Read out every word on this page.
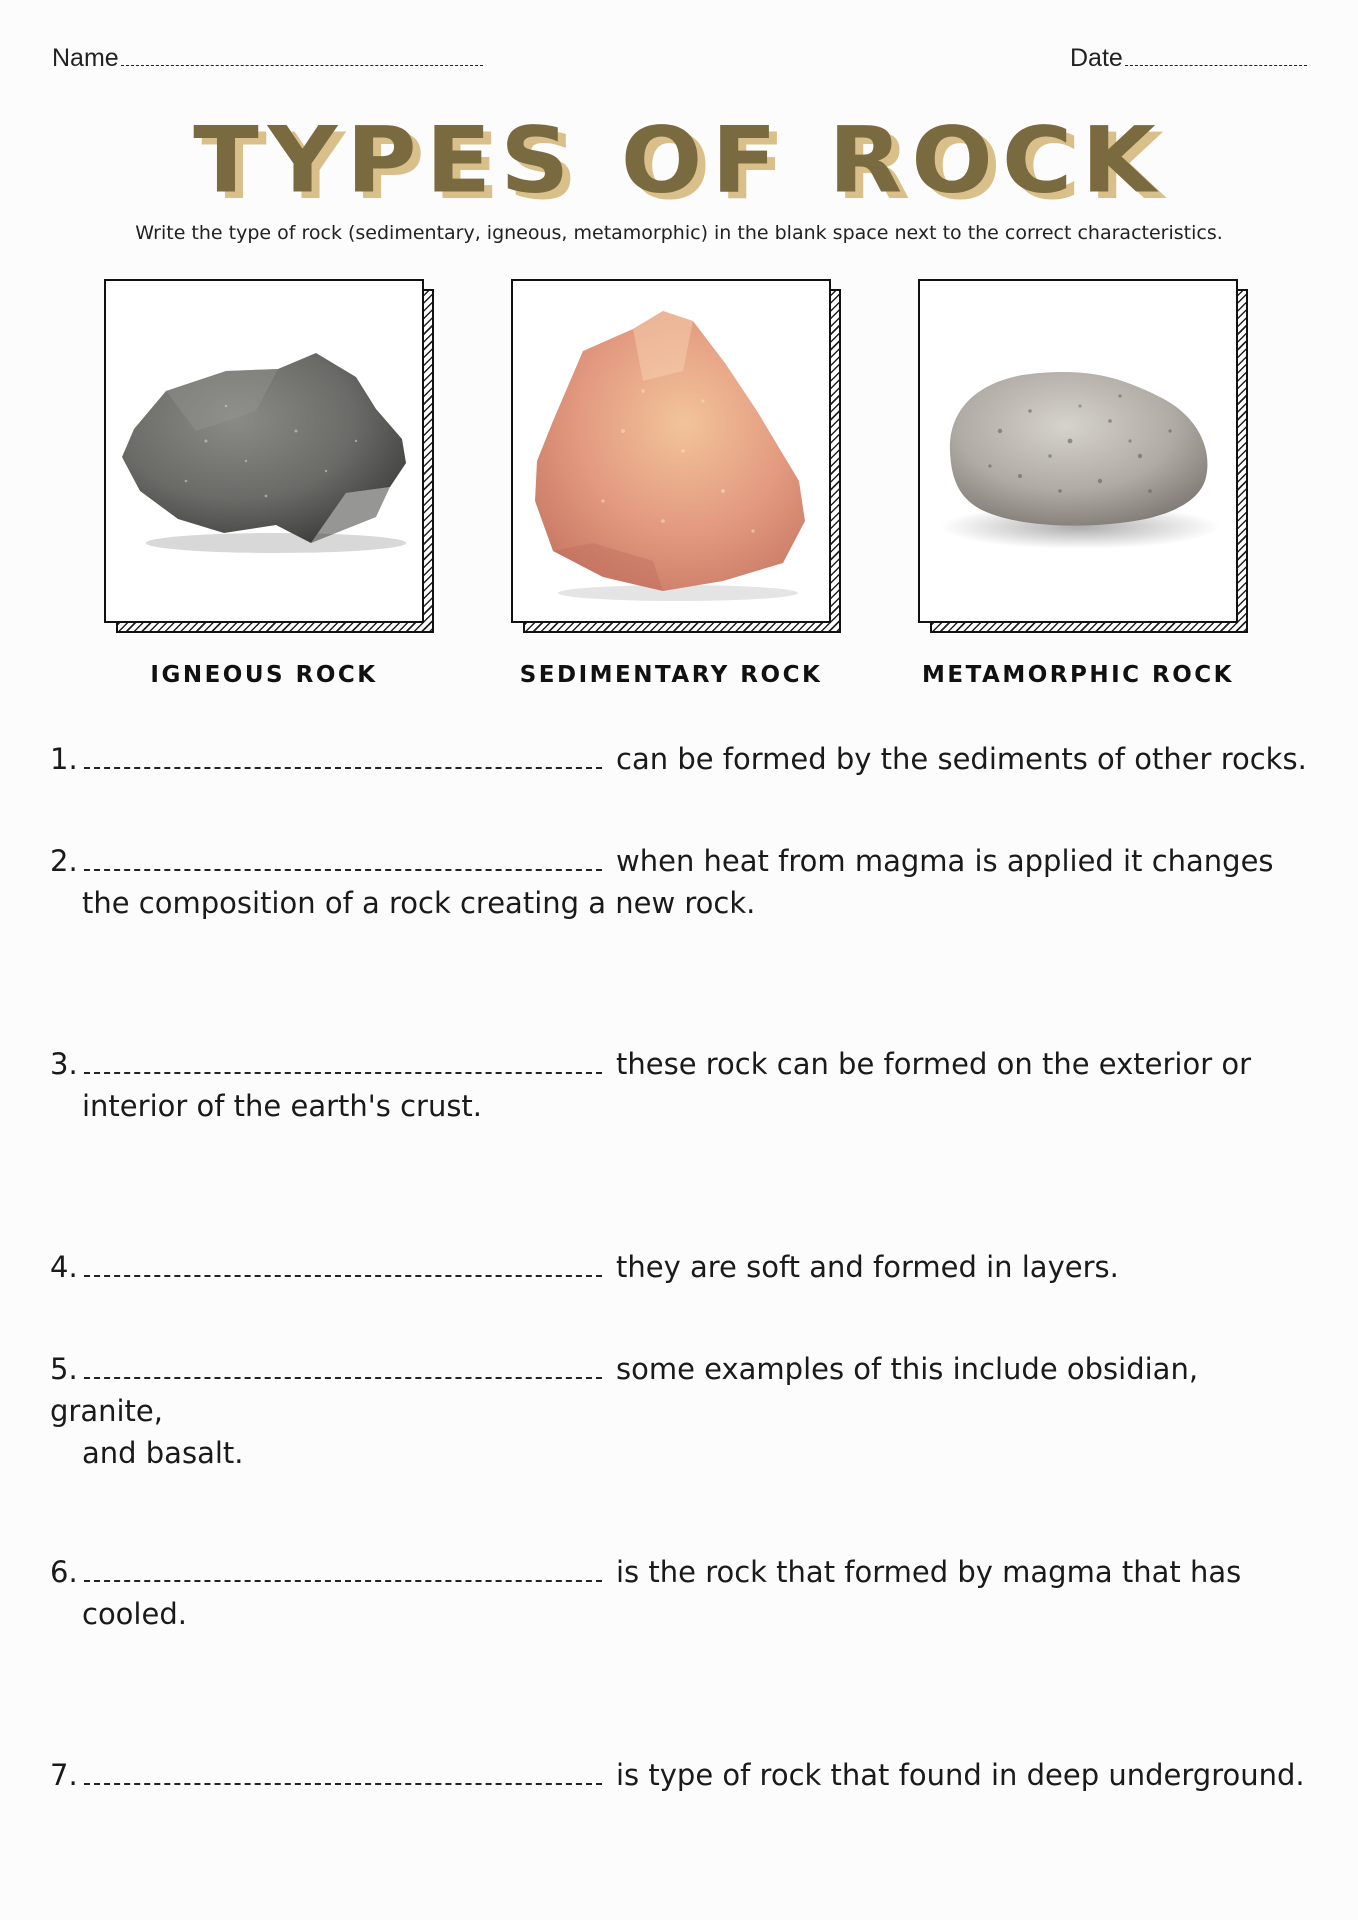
Name	Date
TYPES OF ROCK
Write the type of rock (sedimentary, igneous, metamorphic) in the blank space next to the correct characteristics.
IGNEOUS ROCK	SEDIMENTARY ROCK	METAMORPHIC ROCK
1.	can be formed by the sediments of other rocks.
2.	when heat from magma is applied it changes
the composition of a rock creating a new rock.
3.	these rock can be formed on the exterior or
interior of the earth's crust.
4.	they are soft and formed in layers.
5.	some examples of this include obsidian, granite,
and basalt.
6.	is the rock that formed by magma that has
cooled.
7.	is type of rock that found in deep underground.
